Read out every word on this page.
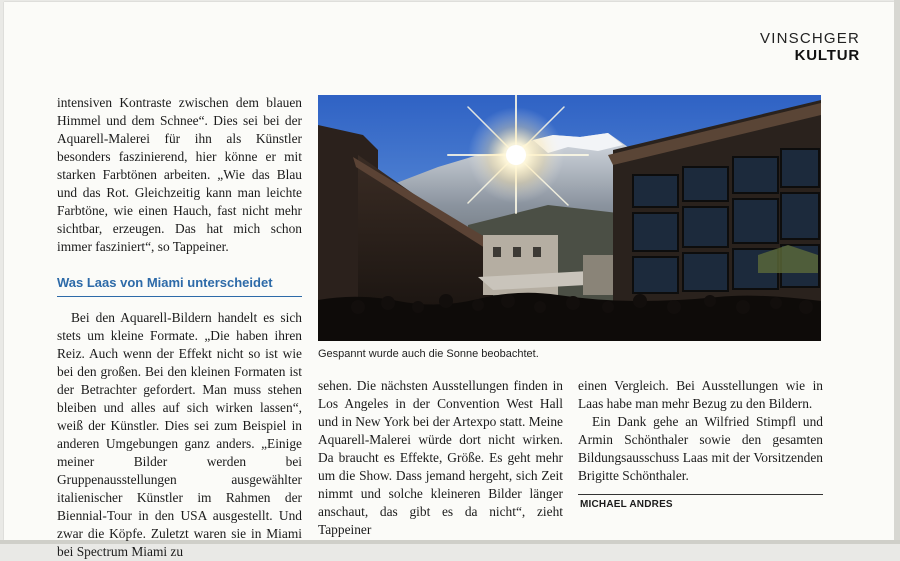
VINSCHGER
KULTUR

intensiven Kontraste zwischen dem blauen Himmel und dem Schnee“. Dies sei bei der Aquarell-Malerei für ihn als Künstler besonders faszinierend, hier könne er mit starken Farbtönen arbeiten. „Wie das Blau und das Rot. Gleichzeitig kann man leichte Farbtöne, wie einen Hauch, fast nicht mehr sichtbar, erzeugen. Das hat mich schon immer fasziniert“, so Tappeiner.

Was Laas von Miami unterscheidet

Bei den Aquarell-Bildern handelt es sich stets um kleine Formate. „Die haben ihren Reiz. Auch wenn der Effekt nicht so ist wie bei den großen. Bei den kleinen Formaten ist der Betrachter gefordert. Man muss stehen bleiben und alles auf sich wirken lassen“, weiß der Künstler. Dies sei zum Beispiel in anderen Umgebungen ganz anders. „Einige meiner Bilder werden bei Gruppenausstellungen ausgewählter italienischer Künstler im Rahmen der Biennial-Tour in den USA ausgestellt. Und zwar die Köpfe. Zuletzt waren sie in Miami bei Spectrum Miami zu

Gespannt wurde auch die Sonne beobachtet.

sehen. Die nächsten Ausstellungen finden in Los Angeles in der Convention West Hall und in New York bei der Artexpo statt. Meine Aquarell-Malerei würde dort nicht wirken. Da braucht es Effekte, Größe. Es geht mehr um die Show. Dass jemand hergeht, sich Zeit nimmt und solche kleineren Bilder länger anschaut, das gibt es da nicht“, zieht Tappeiner

einen Vergleich. Bei Ausstellungen wie in Laas habe man mehr Bezug zu den Bildern.

Ein Dank gehe an Wilfried Stimpfl und Armin Schönthaler sowie den gesamten Bildungsausschuss Laas mit der Vorsitzenden Brigitte Schönthaler.

MICHAEL ANDRES
